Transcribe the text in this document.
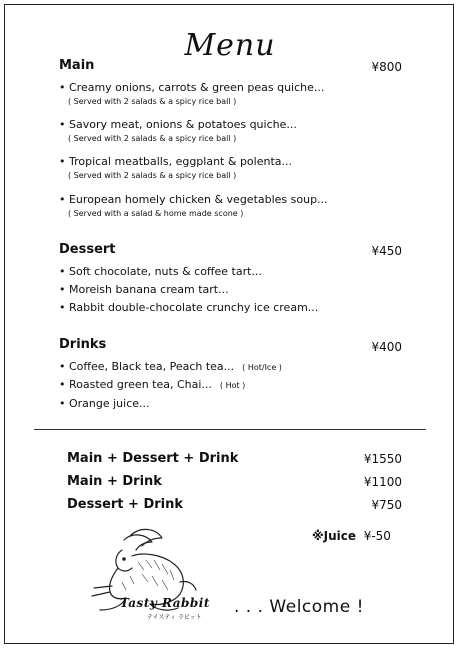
Menu
Main	¥800
• Creamy onions, carrots & green peas quiche...
( Served with 2 salads & a spicy rice ball )
• Savory meat, onions & potatoes quiche...
( Served with 2 salads & a spicy rice ball )
• Tropical meatballs, eggplant & polenta...
( Served with 2 salads & a spicy rice ball )
• European homely chicken & vegetables soup...
( Served with a salad & home made scone )
Dessert	¥450
• Soft chocolate, nuts & coffee tart...
• Moreish banana cream tart...
• Rabbit double-chocolate crunchy ice cream...
Drinks	¥400
• Coffee, Black tea, Peach tea... ( Hot/Ice )
• Roasted green tea, Chai... ( Hot )
• Orange juice...
Main + Dessert + Drink	¥1550
Main + Drink	¥1100
Dessert + Drink	¥750
※Juice ¥-50
Tasty Rabbit
テイスティ ラビット
. . . Welcome !
